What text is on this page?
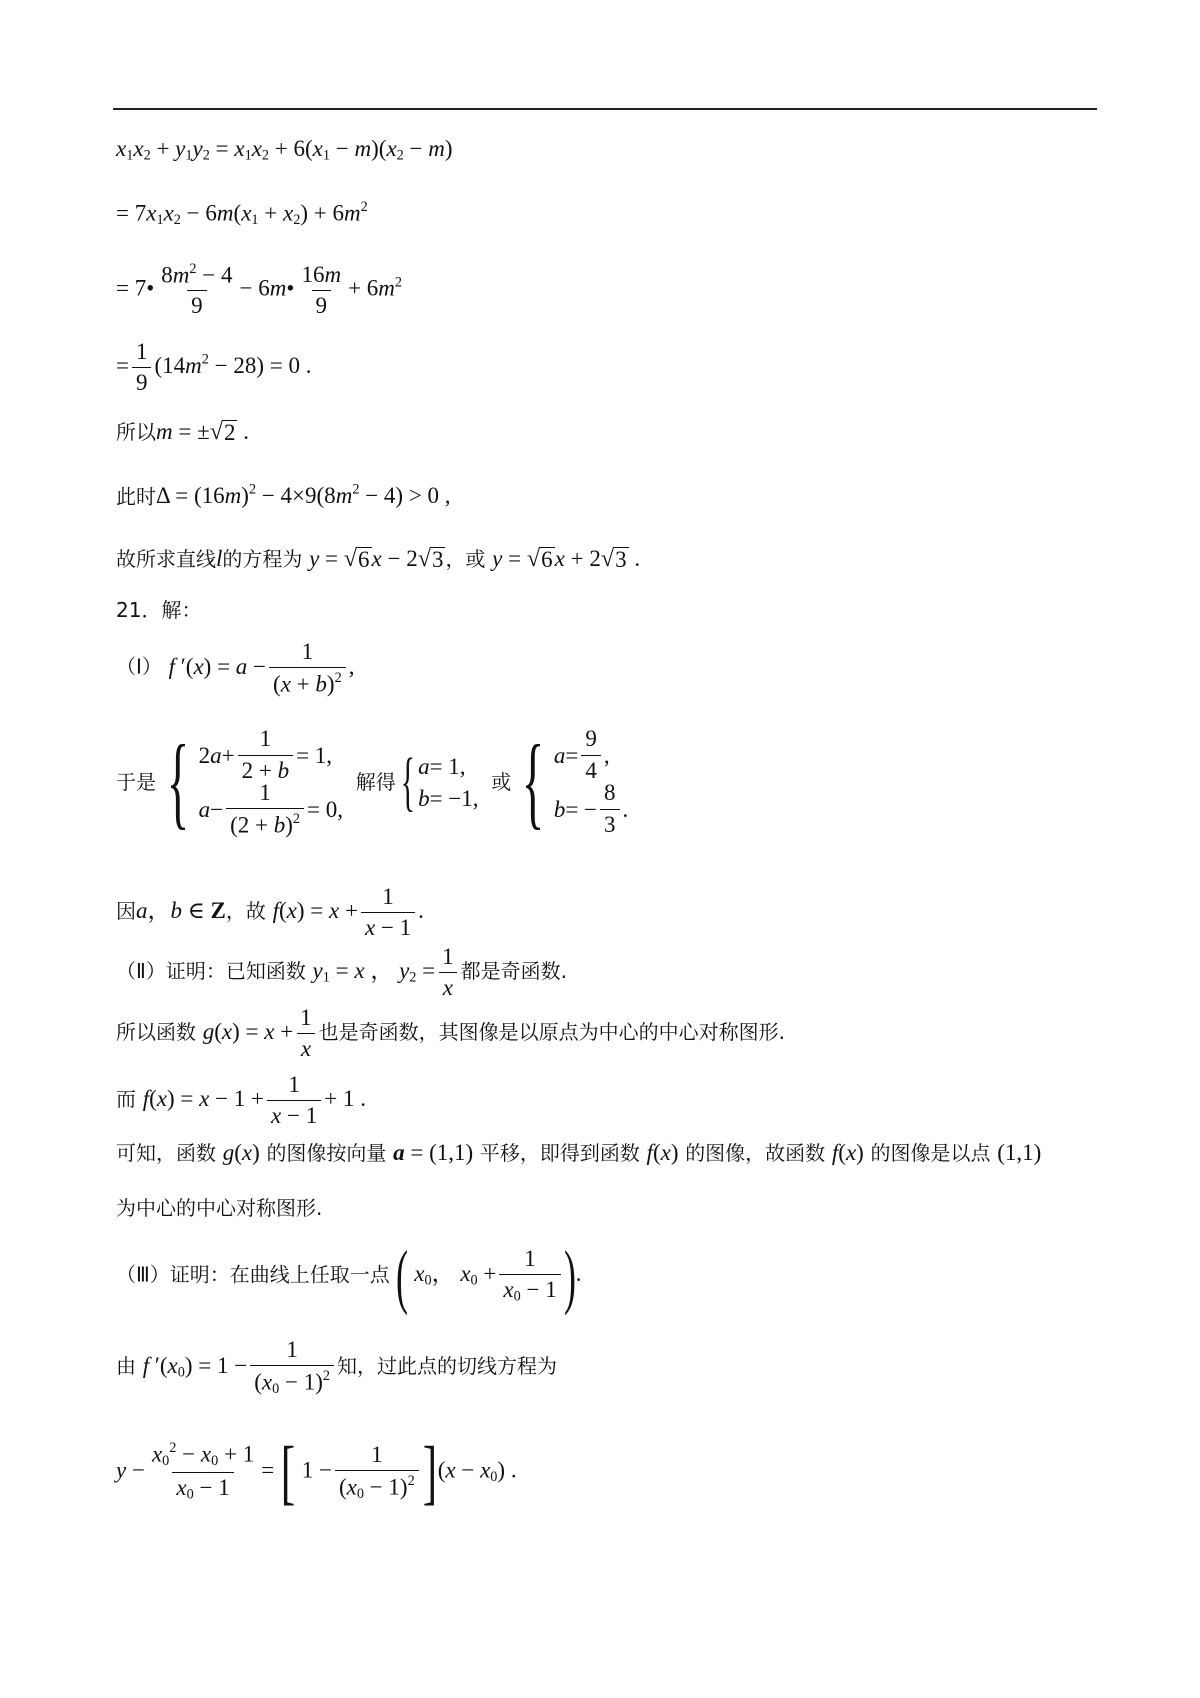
$x_1x_2 + y_1y_2 = x_1x_2 + 6(x_1 - m)(x_2 - m)$
= $7x_1x_2 - 6m(x_1 + x_2) + 6m^2$
= 7• $\frac{8m^2 - 4}{9}$ − 6m• $\frac{16m}{9} + 6m^2$
= $\frac{1}{9} (14m^2 - 28) = 0$ .
所以m = ± √ 2 .
此时$\Delta = (16m)^2 - 4\times 9(8m^2 - 4) > 0$ ,
故所求直线l的方程为 y = √ 6 x − 2 √ 3 ，或 y = √ 6 x + 2 √ 3 .
21．解：
（Ⅰ） f $'(x) = a - \frac{1}{(x + b)^2}$ ,
于是 { 2 $a + \frac{1}{2 + b} = 1$,
$a - \frac{1}{(2 + b)^2} = 0$,
解得 { a = 1,
b = −1,
或 { $a = \frac{9}{4}$ ,
b = − $\frac{8}{3}$ .
因a，b ∈ Z，故 $f(x) = x + \frac{1}{x - 1}$ .
（Ⅱ）证明：已知函数 $y_1 = x$ ， $y_2 = \frac{1}{x}$ 都是奇函数.
所以函数 $g(x) = x + \frac{1}{x}$ 也是奇函数，其图像是以原点为中心的中心对称图形.
而 $f(x) = x - 1 + \frac{1}{x - 1} + 1$ .
可知，函数 g(x) 的图像按向量 a = (1,1) 平移，即得到函数 f(x) 的图像，故函数 f(x) 的图像是以点 (1,1)
为中心的中心对称图形.
（Ⅲ）证明：在曲线上任取一点 ( $x_0$， $x_0 + \frac{1}{x_0 - 1}$ ).
由 f $'(x_0) = 1 - \frac{1}{(x_0 - 1)^2}$ 知，过此点的切线方程为
$y - \frac{x_0^2 - x_0 + 1}{x_0 - 1}$ = [ $1 - \frac{1}{(x_0 - 1)^2} ](x - x_0)$ .
